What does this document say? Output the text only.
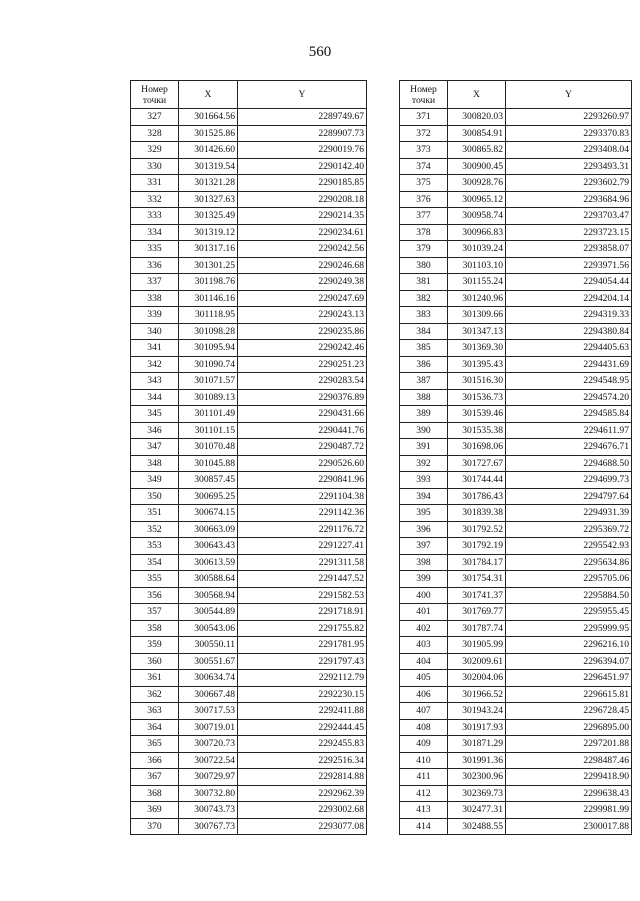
560
Номер точки	X	Y
327	301664.56	2289749.67
328	301525.86	2289907.73
329	301426.60	2290019.76
330	301319.54	2290142.40
331	301321.28	2290185.85
332	301327.63	2290208.18
333	301325.49	2290214.35
334	301319.12	2290234.61
335	301317.16	2290242.56
336	301301.25	2290246.68
337	301198.76	2290249.38
338	301146.16	2290247.69
339	301118.95	2290243.13
340	301098.28	2290235.86
341	301095.94	2290242.46
342	301090.74	2290251.23
343	301071.57	2290283.54
344	301089.13	2290376.89
345	301101.49	2290431.66
346	301101.15	2290441.76
347	301070.48	2290487.72
348	301045.88	2290526.60
349	300857.45	2290841.96
350	300695.25	2291104.38
351	300674.15	2291142.36
352	300663.09	2291176.72
353	300643.43	2291227.41
354	300613.59	2291311.58
355	300588.64	2291447.52
356	300568.94	2291582.53
357	300544.89	2291718.91
358	300543.06	2291755.82
359	300550.11	2291781.95
360	300551.67	2291797.43
361	300634.74	2292112.79
362	300667.48	2292230.15
363	300717.53	2292411.88
364	300719.01	2292444.45
365	300720.73	2292455.83
366	300722.54	2292516.34
367	300729.97	2292814.88
368	300732.80	2292962.39
369	300743.73	2293002.68
370	300767.73	2293077.08
Номер точки	X	Y
371	300820.03	2293260.97
372	300854.91	2293370.83
373	300865.82	2293408.04
374	300900.45	2293493.31
375	300928.76	2293602.79
376	300965.12	2293684.96
377	300958.74	2293703.47
378	300966.83	2293723.15
379	301039.24	2293858.07
380	301103.10	2293971.56
381	301155.24	2294054.44
382	301240.96	2294204.14
383	301309.66	2294319.33
384	301347.13	2294380.84
385	301369.30	2294405.63
386	301395.43	2294431.69
387	301516.30	2294548.95
388	301536.73	2294574.20
389	301539.46	2294585.84
390	301535.38	2294611.97
391	301698.06	2294676.71
392	301727.67	2294688.50
393	301744.44	2294699.73
394	301786.43	2294797.64
395	301839.38	2294931.39
396	301792.52	2295369.72
397	301792.19	2295542.93
398	301784.17	2295634.86
399	301754.31	2295705.06
400	301741.37	2295884.50
401	301769.77	2295955.45
402	301787.74	2295999.95
403	301905.99	2296216.10
404	302009.61	2296394.07
405	302004.06	2296451.97
406	301966.52	2296615.81
407	301943.24	2296728.45
408	301917.93	2296895.00
409	301871.29	2297201.88
410	301991.36	2298487.46
411	302300.96	2299418.90
412	302369.73	2299638.43
413	302477.31	2299981.99
414	302488.55	2300017.88
